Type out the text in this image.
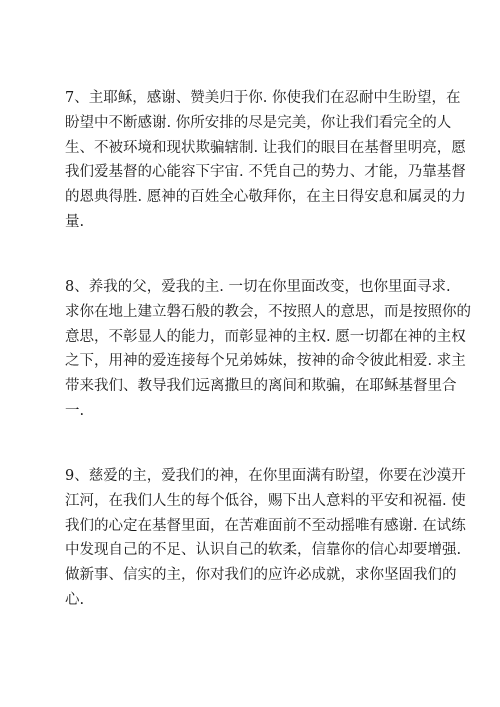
7、主耶稣，感谢、赞美归于你. 你使我们在忍耐中生盼望，在
盼望中不断感谢. 你所安排的尽是完美，你让我们看完全的人
生、不被环境和现状欺骗辖制. 让我们的眼目在基督里明亮，愿
我们爱基督的心能容下宇宙. 不凭自己的势力、才能，乃靠基督
的恩典得胜. 愿神的百姓全心敬拜你，在主日得安息和属灵的力
量.

8、养我的父，爱我的主. 一切在你里面改变，也你里面寻求.
求你在地上建立磐石般的教会，不按照人的意思，而是按照你的
意思，不彰显人的能力，而彰显神的主权. 愿一切都在神的主权
之下，用神的爱连接每个兄弟姊妹，按神的命令彼此相爱. 求主
带来我们、教导我们远离撒旦的离间和欺骗，在耶稣基督里合
一.

9、慈爱的主，爱我们的神，在你里面满有盼望，你要在沙漠开
江河，在我们人生的每个低谷，赐下出人意料的平安和祝福. 使
我们的心定在基督里面，在苦难面前不至动摇唯有感谢. 在试练
中发现自己的不足、认识自己的软柔，信靠你的信心却要增强.
做新事、信实的主，你对我们的应许必成就，求你坚固我们的
心.
